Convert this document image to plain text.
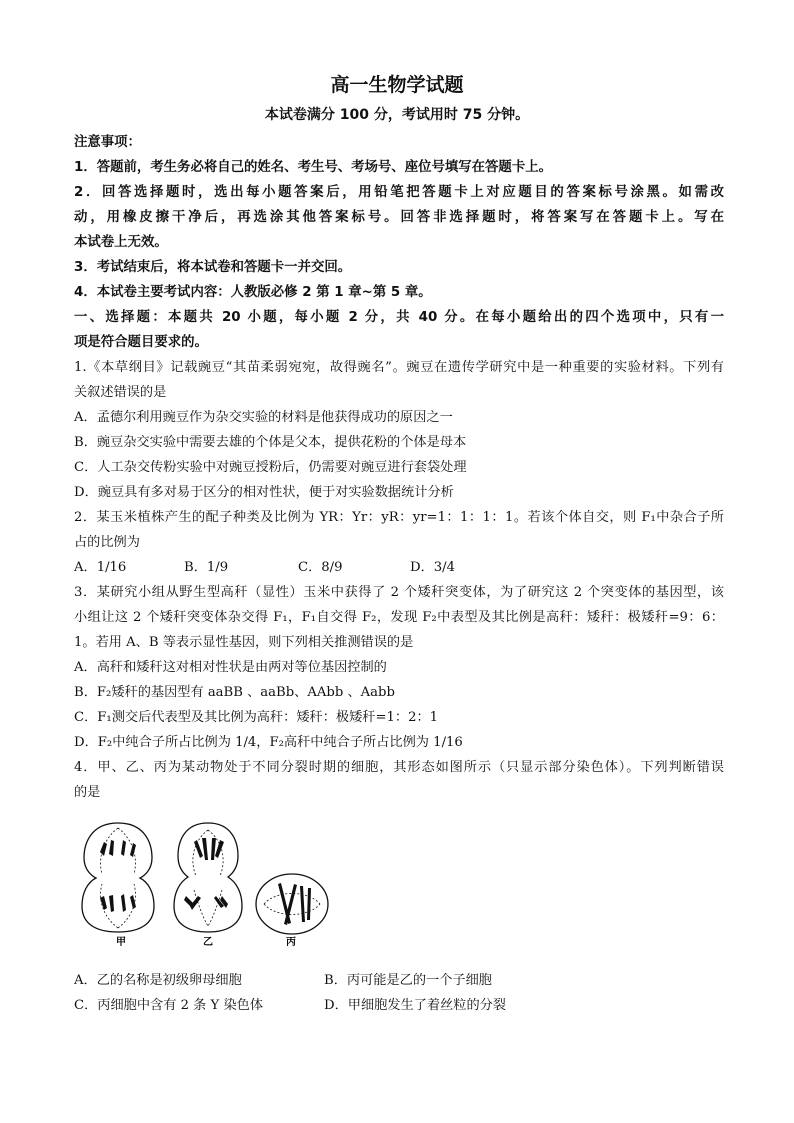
高一生物学试题
本试卷满分 100 分，考试用时 75 分钟。
注意事项：
1．答题前，考生务必将自己的姓名、考生号、考场号、座位号填写在答题卡上。
2．回答选择题时，选出每小题答案后，用铅笔把答题卡上对应题目的答案标号涂黑。如需改
动，用橡皮擦干净后，再选涂其他答案标号。回答非选择题时，将答案写在答题卡上。写在
本试卷上无效。
3．考试结束后，将本试卷和答题卡一并交回。
4．本试卷主要考试内容：人教版必修 2 第 1 章~第 5 章。
一、选择题：本题共 20 小题，每小题 2 分，共 40 分。在每小题给出的四个选项中，只有一
项是符合题目要求的。
1.《本草纲目》记载豌豆“其苗柔弱宛宛，故得豌名”。豌豆在遗传学研究中是一种重要的实验材料。下列有
关叙述错误的是
A．孟德尔利用豌豆作为杂交实验的材料是他获得成功的原因之一
B．豌豆杂交实验中需要去雄的个体是父本，提供花粉的个体是母本
C．人工杂交传粉实验中对豌豆授粉后，仍需要对豌豆进行套袋处理
D．豌豆具有多对易于区分的相对性状，便于对实验数据统计分析
2．某玉米植株产生的配子种类及比例为 YR：Yr：yR：yr=1：1：1：1。若该个体自交，则 F₁中杂合子所
占的比例为
A．1/16	B．1/9	C．8/9	D．3/4
3．某研究小组从野生型高秆（显性）玉米中获得了 2 个矮秆突变体，为了研究这 2 个突变体的基因型，该
小组让这 2 个矮秆突变体杂交得 F₁，F₁自交得 F₂，发现 F₂中表型及其比例是高秆：矮秆：极矮秆=9：6：
1。若用 A、B 等表示显性基因，则下列相关推测错误的是
A．高秆和矮秆这对相对性状是由两对等位基因控制的
B．F₂矮秆的基因型有 aaBB 、aaBb、AAbb 、Aabb
C．F₁测交后代表型及其比例为高秆：矮秆：极矮秆=1：2：1
D．F₂中纯合子所占比例为 1/4，F₂高秆中纯合子所占比例为 1/16
4．甲、乙、丙为某动物处于不同分裂时期的细胞，其形态如图所示（只显示部分染色体）。下列判断错误
的是
甲	乙	丙
A．乙的名称是初级卵母细胞	B．丙可能是乙的一个子细胞
C．丙细胞中含有 2 条 Y 染色体	D．甲细胞发生了着丝粒的分裂
